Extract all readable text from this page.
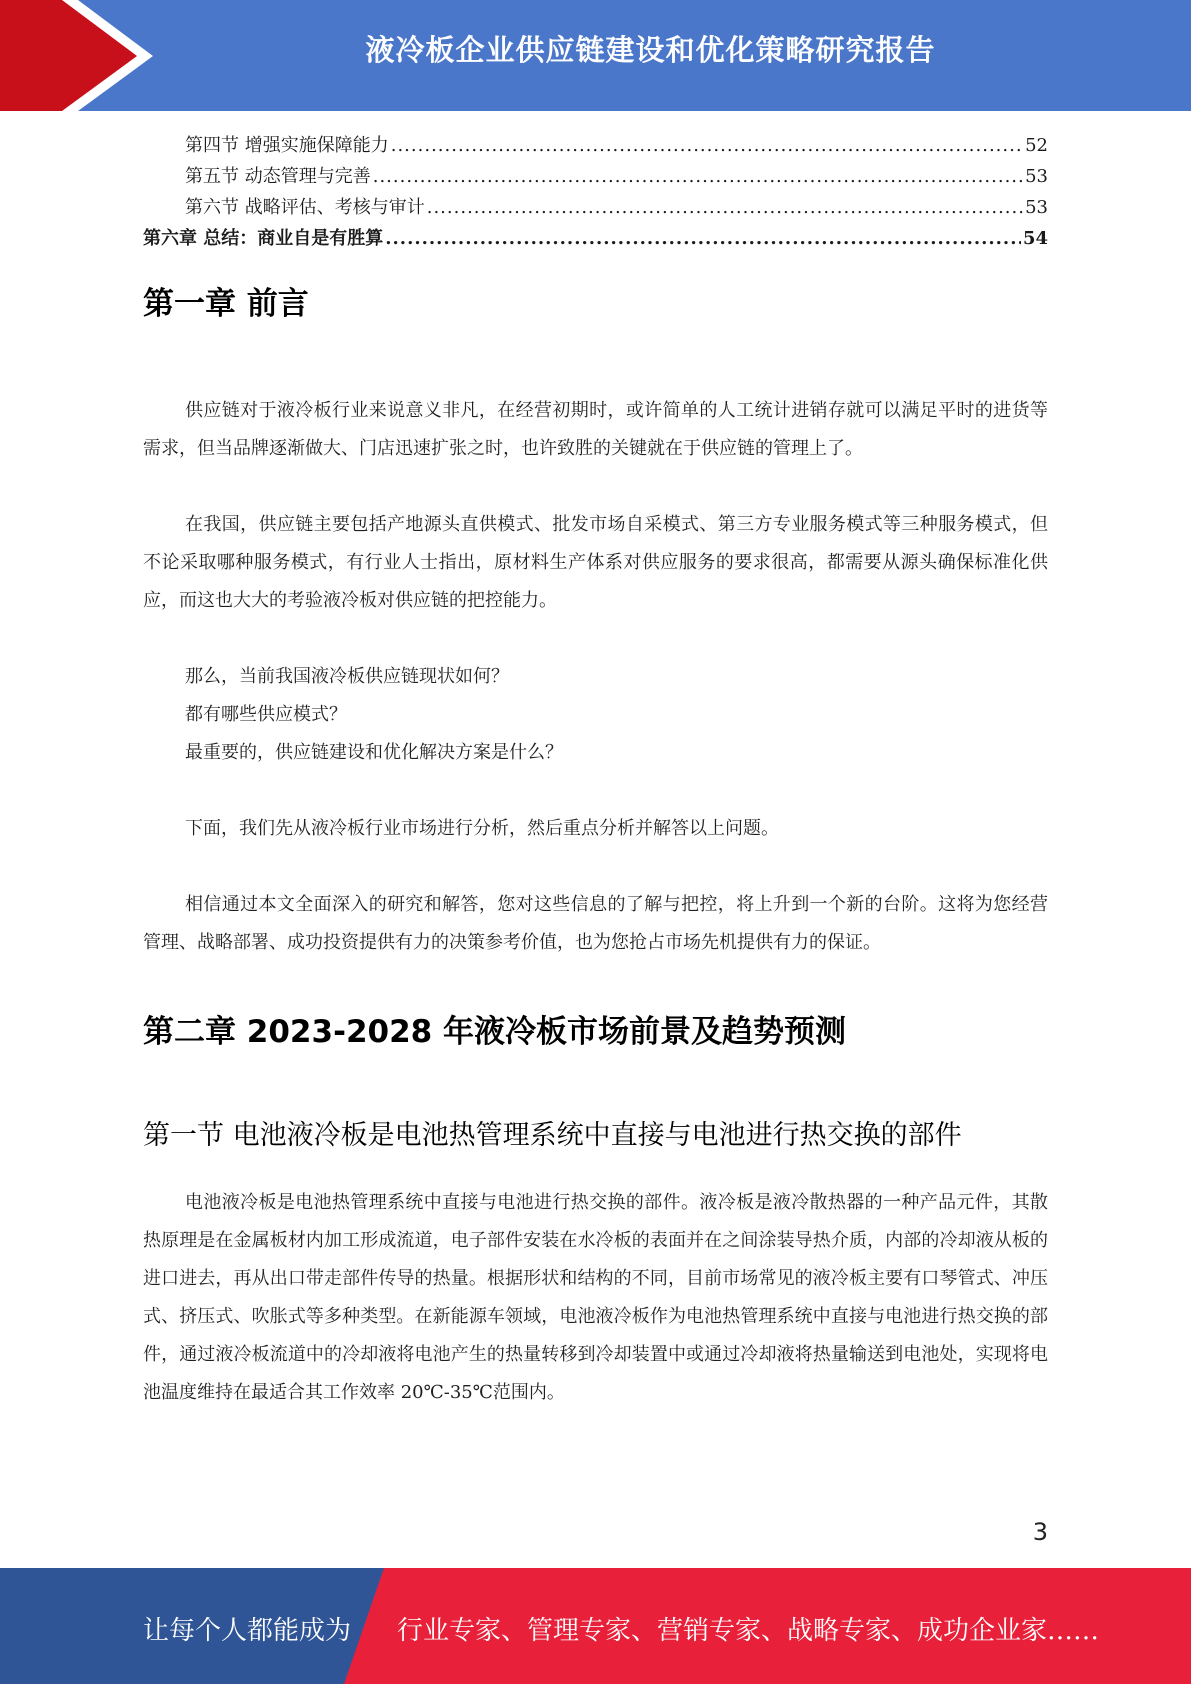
液冷板企业供应链建设和优化策略研究报告
第四节 增强实施保障能力 .....	52
第五节 动态管理与完善 .....	53
第六节 战略评估、考核与审计 .....	53
第六章 总结：商业自是有胜算 .....	54
第一章 前言

供应链对于液冷板行业来说意义非凡，在经营初期时，或许简单的人工统计进销存就可以满足平时的进货等需求，但当品牌逐渐做大、门店迅速扩张之时，也许致胜的关键就在于供应链的管理上了。

在我国，供应链主要包括产地源头直供模式、批发市场自采模式、第三方专业服务模式等三种服务模式，但不论采取哪种服务模式，有行业人士指出，原材料生产体系对供应服务的要求很高，都需要从源头确保标准化供应，而这也大大的考验液冷板对供应链的把控能力。

那么，当前我国液冷板供应链现状如何？

都有哪些供应模式？

最重要的，供应链建设和优化解决方案是什么？

下面，我们先从液冷板行业市场进行分析，然后重点分析并解答以上问题。

相信通过本文全面深入的研究和解答，您对这些信息的了解与把控，将上升到一个新的台阶。这将为您经营管理、战略部署、成功投资提供有力的决策参考价值，也为您抢占市场先机提供有力的保证。

第二章 2023-2028 年液冷板市场前景及趋势预测
第一节 电池液冷板是电池热管理系统中直接与电池进行热交换的部件

电池液冷板是电池热管理系统中直接与电池进行热交换的部件。液冷板是液冷散热器的一种产品元件，其散热原理是在金属板材内加工形成流道，电子部件安装在水冷板的表面并在之间涂装导热介质，内部的冷却液从板的进口进去，再从出口带走部件传导的热量。根据形状和结构的不同，目前市场常见的液冷板主要有口琴管式、冲压式、挤压式、吹胀式等多种类型。在新能源车领域，电池液冷板作为电池热管理系统中直接与电池进行热交换的部件，通过液冷板流道中的冷却液将电池产生的热量转移到冷却装置中或通过冷却液将热量输送到电池处，实现将电池温度维持在最适合其工作效率 20℃-35℃范围内。

3
让每个人都能成为 行业专家、管理专家、营销专家、战略专家、成功企业家……
